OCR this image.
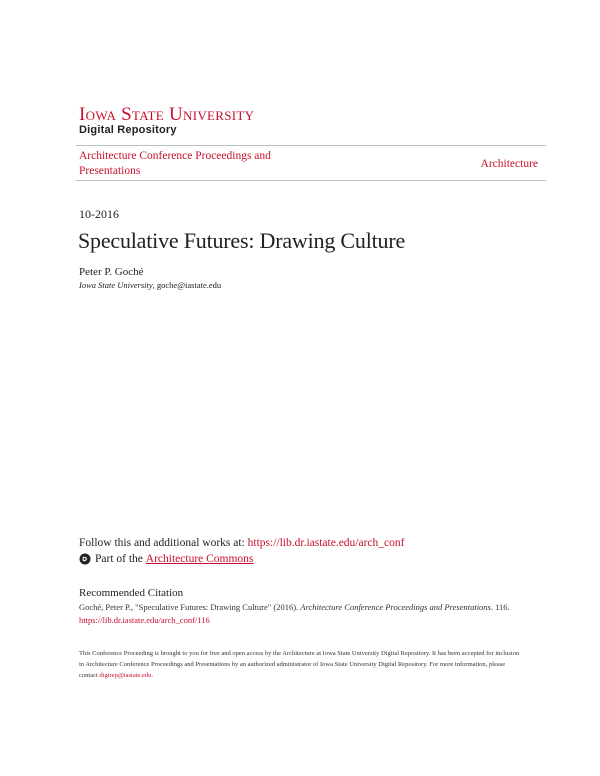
Iowa State University
Digital Repository
Architecture Conference Proceedings and Presentations
Architecture
10-2016
Speculative Futures: Drawing Culture
Peter P. Goché
Iowa State University, goche@iastate.edu
Follow this and additional works at: https://lib.dr.iastate.edu/arch_conf
Part of the
Architecture Commons
Recommended Citation
Goché, Peter P., "Speculative Futures: Drawing Culture" (2016). Architecture Conference Proceedings and Presentations. 116.
https://lib.dr.iastate.edu/arch_conf/116
This Conference Proceeding is brought to you for free and open access by the Architecture at Iowa State University Digital Repository. It has been accepted for inclusion in Architecture Conference Proceedings and Presentations by an authorized administrator of Iowa State University Digital Repository. For more information, please contact digirep@iastate.edu.
